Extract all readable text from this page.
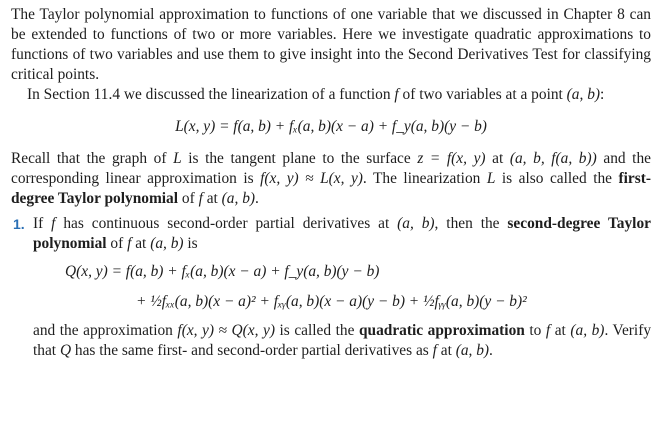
The Taylor polynomial approximation to functions of one variable that we discussed in Chapter 8 can be extended to functions of two or more variables. Here we investigate quadratic approximations to functions of two variables and use them to give insight into the Second Derivatives Test for classifying critical points.

In Section 11.4 we discussed the linearization of a function f of two variables at a point (a, b):

L(x, y) = f(a, b) + fₓ(a, b)(x − a) + f_y(a, b)(y − b)

Recall that the graph of L is the tangent plane to the surface z = f(x, y) at (a, b, f(a, b)) and the corresponding linear approximation is f(x, y) ≈ L(x, y). The linearization L is also called the first-degree Taylor polynomial of f at (a, b).

1. If f has continuous second-order partial derivatives at (a, b), then the second-degree Taylor polynomial of f at (a, b) is

Q(x, y) = f(a, b) + fₓ(a, b)(x − a) + f_y(a, b)(y − b)
+ ½fₓₓ(a, b)(x − a)² + fₓᵧ(a, b)(x − a)(y − b) + ½fᵧᵧ(a, b)(y − b)²

and the approximation f(x, y) ≈ Q(x, y) is called the quadratic approximation to f at (a, b). Verify that Q has the same first- and second-order partial derivatives as f at (a, b).
